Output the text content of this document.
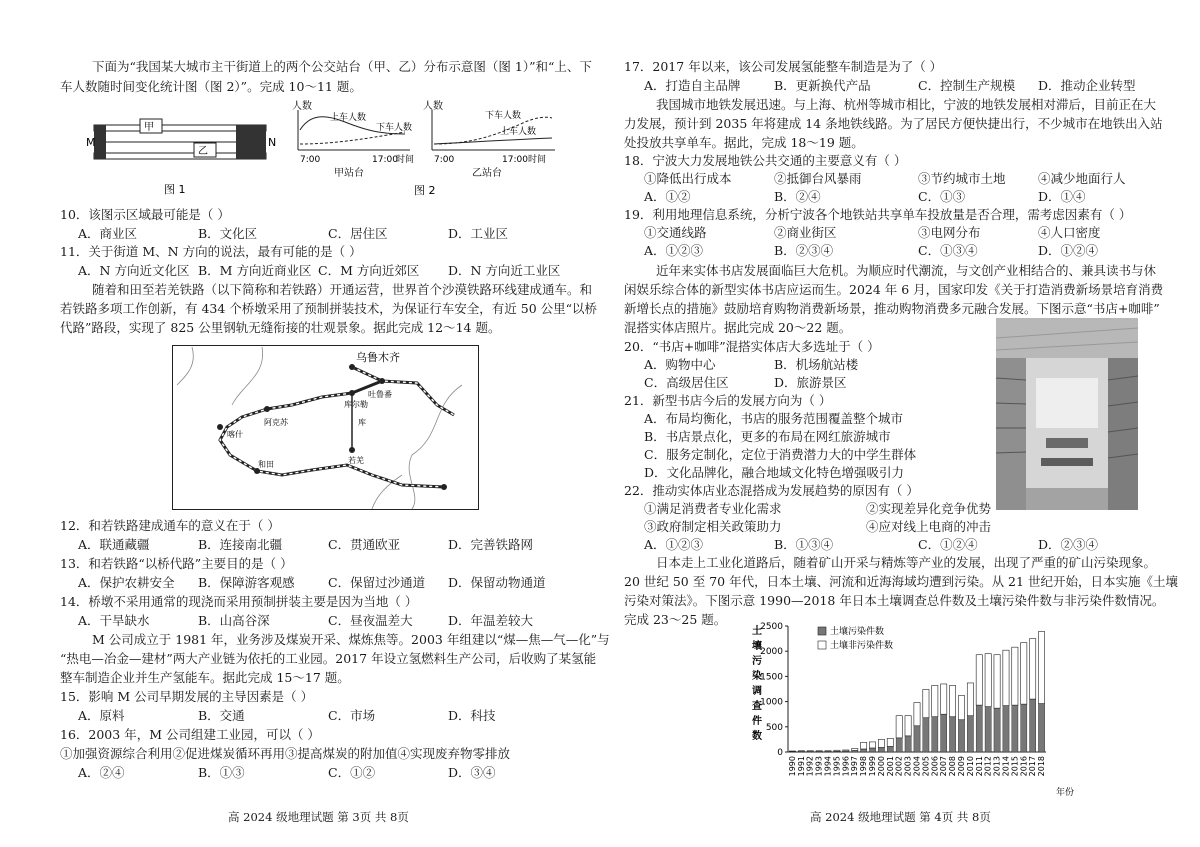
下面为“我国某大城市主干街道上的两个公交站台（甲、乙）分布示意图（图 1）”和“上、下
车人数随时间变化统计图（图 2）”。完成 10～11 题。
M	N
甲
乙
图 1
人数
上车人数
下车人数
7:00	17:00
时间
甲站台
人数
下车人数
上车人数
7:00	17:00 时间
乙站台
图 2
10．该图示区域最可能是（ ）
A．商业区	B．文化区	C．居住区	D．工业区
11．关于街道 M、N 方向的说法，最有可能的是（ ）
A．N 方向近文化区 B．M 方向近商业区 C．M 方向近郊区 D．N 方向近工业区
随着和田至若羌铁路（以下简称和若铁路）开通运营，世界首个沙漠铁路环线建成通车。和
若铁路多项工作创新，有 434 个桥墩采用了预制拼装技术，为保证行车安全，有近 50 公里“以桥
代路”路段，实现了 825 公里钢轨无缝衔接的壮观景象。据此完成 12～14 题。
乌鲁木齐
吐鲁番
库尔勒
阿克苏	库
喀什
和田	若羌
12．和若铁路建成通车的意义在于（ ）
A．联通藏疆	B．连接南北疆	C．贯通欧亚	D．完善铁路网
13．和若铁路“以桥代路”主要目的是（ ）
A．保护农耕安全 B．保障游客观感	C．保留过沙通道 D．保留动物通道
14．桥墩不采用通常的现浇而采用预制拼装主要是因为当地（ ）
A．干旱缺水	B．山高谷深	C．昼夜温差大	D．年温差较大
M 公司成立于 1981 年，业务涉及煤炭开采、煤炼焦等。2003 年组建以“煤—焦—气—化”与
“热电—冶金—建材”两大产业链为依托的工业园。2017 年设立氢燃料生产公司，后收购了某氢能
整车制造企业并生产氢能车。据此完成 15～17 题。
15．影响 M 公司早期发展的主导因素是（ ）
A．原料	B．交通	C．市场	D．科技
16．2003 年，M 公司组建工业园，可以（ ）
①加强资源综合利用②促进煤炭循环再用③提高煤炭的附加值④实现废弃物零排放
A．②④	B．①③	C．①②	D．③④
高 2024 级地理试题 第 3页 共 8页
17．2017 年以来，该公司发展氢能整车制造是为了（ ）
A．打造自主品牌	B．更新换代产品	C．控制生产规模 D．推动企业转型
我国城市地铁发展迅速。与上海、杭州等城市相比，宁波的地铁发展相对滞后，目前正在大
力发展，预计到 2035 年将建成 14 条地铁线路。为了居民方便快捷出行，不少城市在地铁出入站
处投放共享单车。据此，完成 18～19 题。
18．宁波大力发展地铁公共交通的主要意义有（ ）
①降低出行成本	②抵御台风暴雨	③节约城市土地	④减少地面行人
A．①②	B．②④	C．①③	D．①④
19．利用地理信息系统，分析宁波各个地铁站共享单车投放量是否合理，需考虑因素有（ ）
①交通线路	②商业街区	③电网分布	④人口密度
A．①②③	B．②③④	C．①③④	D．①②④
近年来实体书店发展面临巨大危机。为顺应时代潮流，与文创产业相结合的、兼具读书与休
闲娱乐综合体的新型实体书店应运而生。2024 年 6 月，国家印发《关于打造消费新场景培育消费
新增长点的措施》鼓励培育购物消费新场景，推动购物消费多元融合发展。下图示意“书店+咖啡”
混搭实体店照片。据此完成 20～22 题。
20．“书店+咖啡”混搭实体店大多选址于（ ）
A．购物中心	B．机场航站楼
C．高级居住区	D．旅游景区
21．新型书店今后的发展方向为（ ）
A．布局均衡化，书店的服务范围覆盖整个城市
B．书店景点化，更多的布局在网红旅游城市
C．服务定制化，定位于消费潜力大的中学生群体
D．文化品牌化，融合地域文化特色增强吸引力
22．推动实体店业态混搭成为发展趋势的原因有（ ）
①满足消费者专业化需求	②实现差异化竞争优势
③政府制定相关政策助力	④应对线上电商的冲击
A．①②③	B．①③④	C．①②④	D．②③④
日本走上工业化道路后，随着矿山开采与精炼等产业的发展，出现了严重的矿山污染现象。
20 世纪 50 至 70 年代，日本土壤、河流和近海海域均遭到污染。从 21 世纪开始，日本实施《土壤
污染对策法》。下图示意 1990—2018 年日本土壤调查总件数及土壤污染件数与非污染件数情况。
完成 23～25 题。
高 2024 级地理试题 第 4页 共 8页
0
500
1000
1500
2000
2500
1990 1991 1992 1993 1994 1995 1996 1997 1998 1999 2000 2001 2002 2003 2004 2005 2006 2007 2008 2009 2010 2011 2012 2013 2014 2015 2016 2017 2018
土
壤
污
染
调
查
件
数
土壤污染件数
土壤非污染件数
年份
